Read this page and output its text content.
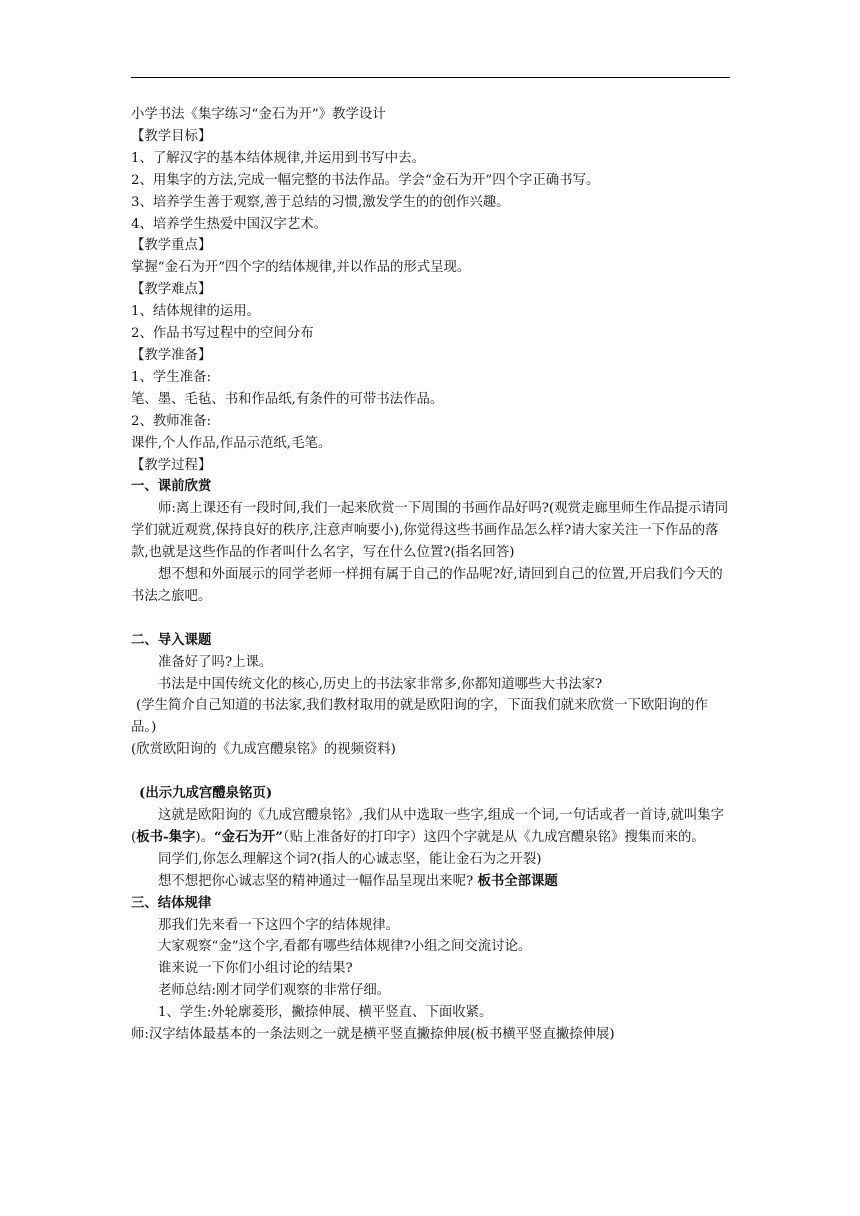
小学书法《集字练习“金石为开”》教学设计

【教学目标】

1、了解汉字的基本结体规律,并运用到书写中去。

2、用集字的方法,完成一幅完整的书法作品。学会“金石为开”四个字正确书写。

3、培养学生善于观察,善于总结的习惯,激发学生的的创作兴趣。

4、培养学生热爱中国汉字艺术。

【教学重点】

掌握“金石为开”四个字的结体规律,并以作品的形式呈现。

【教学难点】

1、结体规律的运用。

2、作品书写过程中的空间分布

【教学准备】

1、学生准备:

笔、墨、毛毡、书和作品纸,有条件的可带书法作品。

2、教师准备:

课件,个人作品,作品示范纸,毛笔。

【教学过程】

一、课前欣赏

师:离上课还有一段时间,我们一起来欣赏一下周围的书画作品好吗?(观赏走廊里师生作品提示请同学们就近观赏,保持良好的秩序,注意声响要小),你觉得这些书画作品怎么样?请大家关注一下作品的落款,也就是这些作品的作者叫什么名字，写在什么位置?(指名回答)

想不想和外面展示的同学老师一样拥有属于自己的作品呢?好,请回到自己的位置,开启我们今天的书法之旅吧。

二、导入课题

准备好了吗?上课。

书法是中国传统文化的核心,历史上的书法家非常多,你都知道哪些大书法家?

(学生简介自己知道的书法家,我们教材取用的就是欧阳询的字，下面我们就来欣赏一下欧阳询的作品。)

(欣赏欧阳询的《九成宫醴泉铭》的视频资料)

(出示九成宫醴泉铭页)

这就是欧阳询的《九成宫醴泉铭》,我们从中选取一些字,组成一个词,一句话或者一首诗,就叫集字(板书-集字)。“金石为开”（贴上准备好的打印字）这四个字就是从《九成宫醴泉铭》搜集而来的。

同学们,你怎么理解这个词?(指人的心诚志坚，能让金石为之开裂)

想不想把你心诚志坚的精神通过一幅作品呈现出来呢? 板书全部课题

三、结体规律

那我们先来看一下这四个字的结体规律。

大家观察“金”这个字,看都有哪些结体规律?小组之间交流讨论。

谁来说一下你们小组讨论的结果?

老师总结:刚才同学们观察的非常仔细。

1、学生:外轮廓菱形，撇捺伸展、横平竖直、下面收紧。

师:汉字结体最基本的一条法则之一就是横平竖直撇捺伸展(板书横平竖直撇捺伸展)
